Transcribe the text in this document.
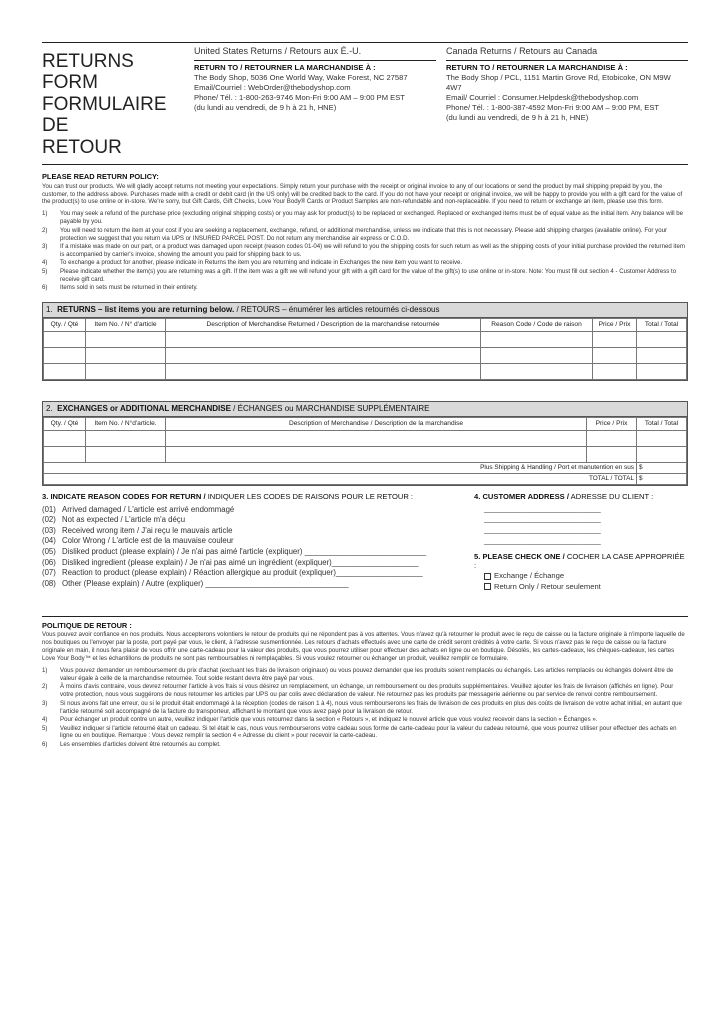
RETURNS FORM
FORMULAIRE DE
RETOUR
United States Returns / Retours aux É.-U.
RETURN TO / RETOURNER LA MARCHANDISE À :
The Body Shop, 5036 One World Way, Wake Forest, NC 27587
Email/Courriel : WebOrder@thebodyshop.com
Phone/ Tél. : 1-800-263-9746 Mon-Fri 9:00 AM – 9:00 PM EST
(du lundi au vendredi, de 9 h à 21 h, HNE)
Canada Returns / Retours au Canada
RETURN TO / RETOURNER LA MARCHANDISE À :
The Body Shop / PCL, 1151 Martin Grove Rd, Etobicoke, ON M9W 4W7
Email/ Courriel : Consumer.Helpdesk@thebodyshop.com
Phone/ Tél. : 1-800-387-4592 Mon-Fri 9:00 AM – 9:00 PM, EST
(du lundi au vendredi, de 9 h à 21 h, HNE)
PLEASE READ RETURN POLICY:

You can trust our products. We will gladly accept returns not meeting your expectations. Simply return your purchase with the receipt or original invoice to any of our locations or send the product by mail shipping prepaid by you, the customer, to the address above. Purchases made with a credit or debit card (in the US only) will be credited back to the card. If you do not have your receipt or original invoice, we will be happy to provide you with a gift card for the value of the product(s) to use online or in-store. We're sorry, but Gift Cards, Gift Checks, Love Your Body® Cards or Product Samples are non-refundable and non-replaceable. If you need to return or exchange an item, please use this form.

1)	You may seek a refund of the purchase price (excluding original shipping costs) or you may ask for product(s) to be replaced or exchanged. Replaced or exchanged items must be of equal value as the initial item. Any balance will be payable by you.
2)	You will need to return the item at your cost if you are seeking a replacement, exchange, refund, or additional merchandise, unless we indicate that this is not necessary. Please add shipping charges (available online). For your protection we suggest that you return via UPS or INSURED PARCEL POST. Do not return any merchandise air express or C.O.D.
3)	If a mistake was made on our part, or a product was damaged upon receipt (reason codes 01-04) we will refund to you the shipping costs for such return as well as the shipping costs of your initial purchase provided the returned item is accompanied by carrier's invoice, showing the amount you paid for shipping back to us.
4)	To exchange a product for another, please indicate in Returns the item you are returning and indicate in Exchanges the new item you want to receive.
5)	Please indicate whether the item(s) you are returning was a gift. If the item was a gift we will refund your gift with a gift card for the value of the gift(s) to use online or in-store. Note: You must fill out section 4 - Customer Address to receive gift card.
6)	Items sold in sets must be returned in their entirety.
1. RETURNS – list items you are returning below. / RETOURS – énumérer les articles retournés ci-dessous
Qty. / Qté	Item No. / N° d'article	Description of Merchandise Returned / Description de la marchandise retournée	Reason Code / Code de raison	Price / Prix	Total / Total

2. EXCHANGES or ADDITIONAL MERCHANDISE / ÉCHANGES ou MARCHANDISE SUPPLÉMENTAIRE
Qty. / Qté	Item No. / N°d'article.	Description of Merchandise / Description de la marchandise	Price / Prix	Total / Total

Plus Shipping & Handling / Port et manutention en sus				$
TOTAL / TOTAL				$
3. INDICATE REASON CODES FOR RETURN / INDIQUER LES CODES DE RAISONS POUR LE RETOUR :
(01) Arrived damaged / L'article est arrivé endommagé
(02) Not as expected / L'article m'a déçu
(03) Received wrong item / J'ai reçu le mauvais article
(04) Color Wrong / L'article est de la mauvaise couleur
(05) Disliked product (please explain) / Je n'ai pas aimé l'article (expliquer) ____________________________
(06) Disliked ingredient (please explain) / Je n'ai pas aimé un ingrédient (expliquer)____________________
(07) Reaction to product (please explain) / Réaction allergique au produit (expliquer)____________________
(08) Other (Please explain) / Autre (expliquer) _________________________________
4. CUSTOMER ADDRESS / ADRESSE DU CLIENT :
______________________________
______________________________
______________________________
______________________________
5. PLEASE CHECK ONE / COCHER LA CASE APPROPRIÉE :
Exchange / Échange
Return Only / Retour seulement
POLITIQUE DE RETOUR :

Vous pouvez avoir confiance en nos produits. Nous accepterons volontiers le retour de produits qui ne répondent pas à vos attentes. Vous n'avez qu'à retourner le produit avec le reçu de caisse ou la facture originale à n'importe laquelle de nos boutiques ou l'envoyer par la poste, port payé par vous, le client, à l'adresse susmentionnée. Les retours d'achats effectués avec une carte de crédit seront crédités à votre carte. Si vous n'avez pas le reçu de caisse ou la facture originale en main, il nous fera plaisir de vous offrir une carte-cadeau pour la valeur des produits, que vous pourrez utiliser pour effectuer des achats en ligne ou en boutique. Désolés, les cartes-cadeaux, les chèques-cadeaux, les cartes Love Your Body™ et les échantillons de produits ne sont pas remboursables ni remplaçables. Si vous voulez retourner ou échanger un produit, veuillez remplir ce formulaire.

1)	Vous pouvez demander un remboursement du prix d'achat (excluant les frais de livraison originaux) ou vous pouvez demander que les produits soient remplacés ou échangés. Les articles remplacés ou échangés doivent être de valeur égale à celle de la marchandise retournée. Tout solde restant devra être payé par vous.
2)	À moins d'avis contraire, vous devrez retourner l'article à vos frais si vous désirez un remplacement, un échange, un remboursement ou des produits supplémentaires. Veuillez ajouter les frais de livraison (affichés en ligne). Pour votre protection, nous vous suggérons de nous retourner les articles par UPS ou par colis avec déclaration de valeur. Ne retournez pas les produits par messagerie aérienne ou par service de renvoi contre remboursement.
3)	Si nous avons fait une erreur, ou si le produit était endommagé à la réception (codes de raison 1 à 4), nous vous rembourserons les frais de livraison de ces produits en plus des coûts de livraison de votre achat initial, en autant que l'article retourné soit accompagné de la facture du transporteur, affichant le montant que vous avez payé pour la livraison de retour.
4)	Pour échanger un produit contre un autre, veuillez indiquer l'article que vous retournez dans la section « Retours », et indiquez le nouvel article que vous voulez recevoir dans la section « Échanges ».
5)	Veuillez indiquer si l'article retourné était un cadeau. Si tel était le cas, nous vous rembourserons votre cadeau sous forme de carte-cadeau pour la valeur du cadeau retourné, que vous pourrez utiliser pour effectuer des achats en ligne ou en boutique. Remarque : Vous devez remplir la section 4 « Adresse du client » pour recevoir la carte-cadeau.
6)	Les ensembles d'articles doivent être retournés au complet.
